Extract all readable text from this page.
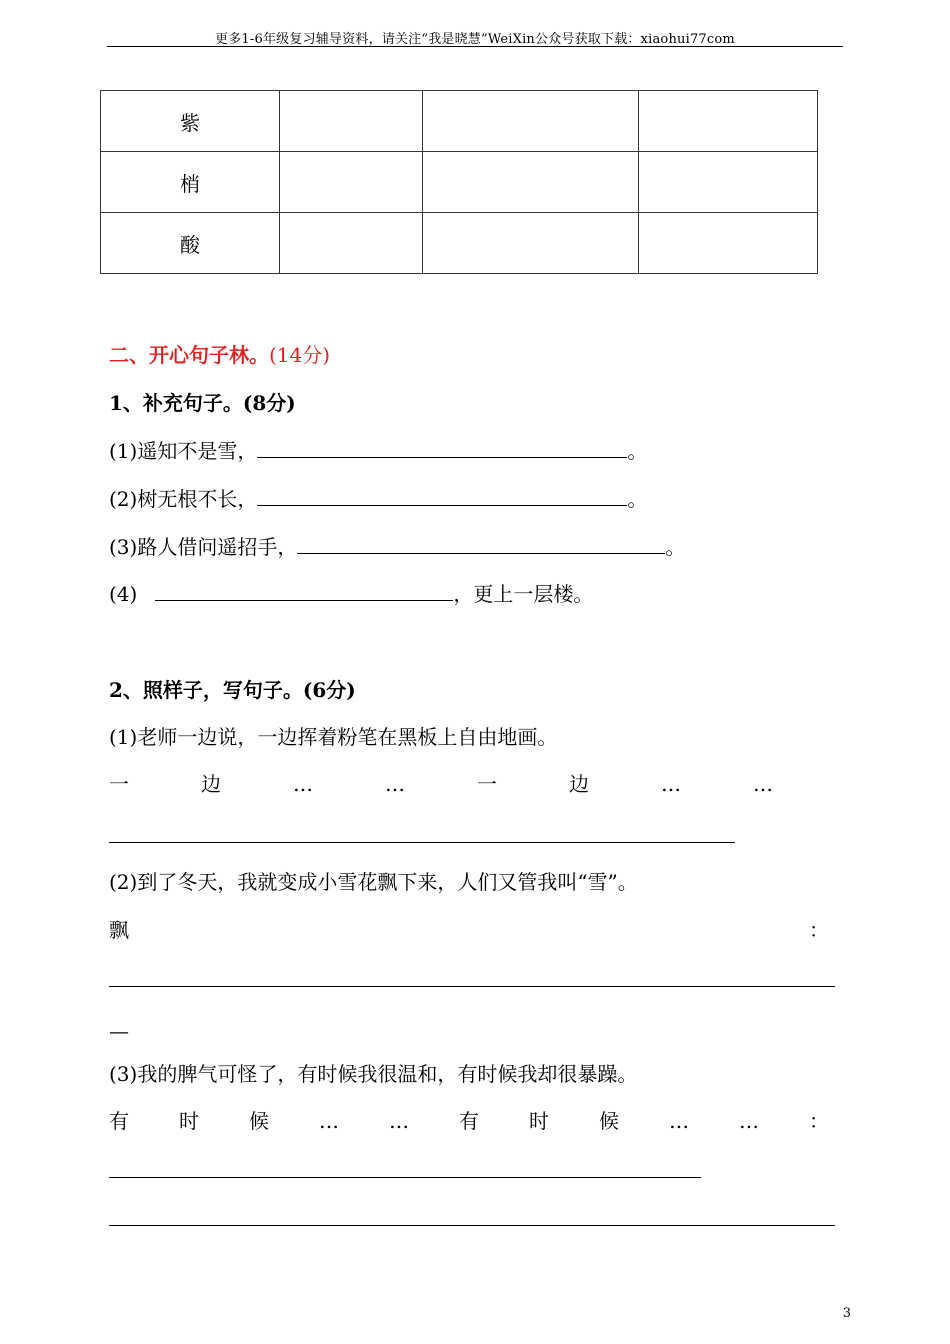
更多1-6年级复习辅导资料，请关注“我是晓慧”WeiXin公众号获取下载：xiaohui77com
紫			
梢			
酸			
二、开心句子林。(14分)
1、补充句子。(8分)
(1)遥知不是雪，	。
(2)树无根不长，	。
(3)路人借问遥招手，	。
(4)	，更上一层楼。
2、照样子，写句子。(6分)
(1)老师一边说，一边挥着粉笔在黑板上自由地画。
一	边	…	…	一	边	…	…
(2)到了冬天，我就变成小雪花飘下来，人们又管我叫“雪”。
飘	：
—
(3)我的脾气可怪了，有时候我很温和，有时候我却很暴躁。
有	时	候	…	…	有	时	候	…	…	：
3
